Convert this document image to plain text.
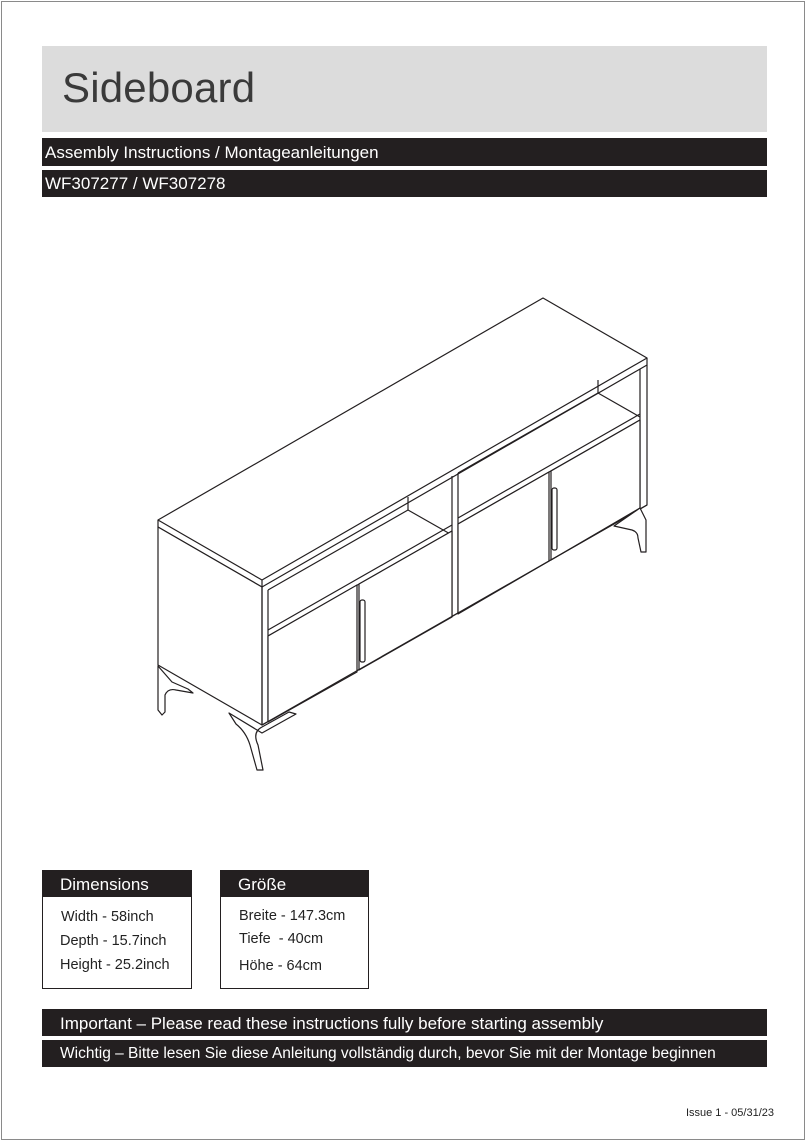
Sideboard
Assembly Instructions / Montageanleitungen
WF307277 / WF307278
Dimensions
Width - 58inch
Depth - 15.7inch
Height - 25.2inch
Größe
Breite - 147.3cm
Tiefe  - 40cm
Höhe - 64cm
Important – Please read these instructions fully before starting assembly
Wichtig – Bitte lesen Sie diese Anleitung vollständig durch, bevor Sie mit der Montage beginnen
Issue 1 - 05/31/23
